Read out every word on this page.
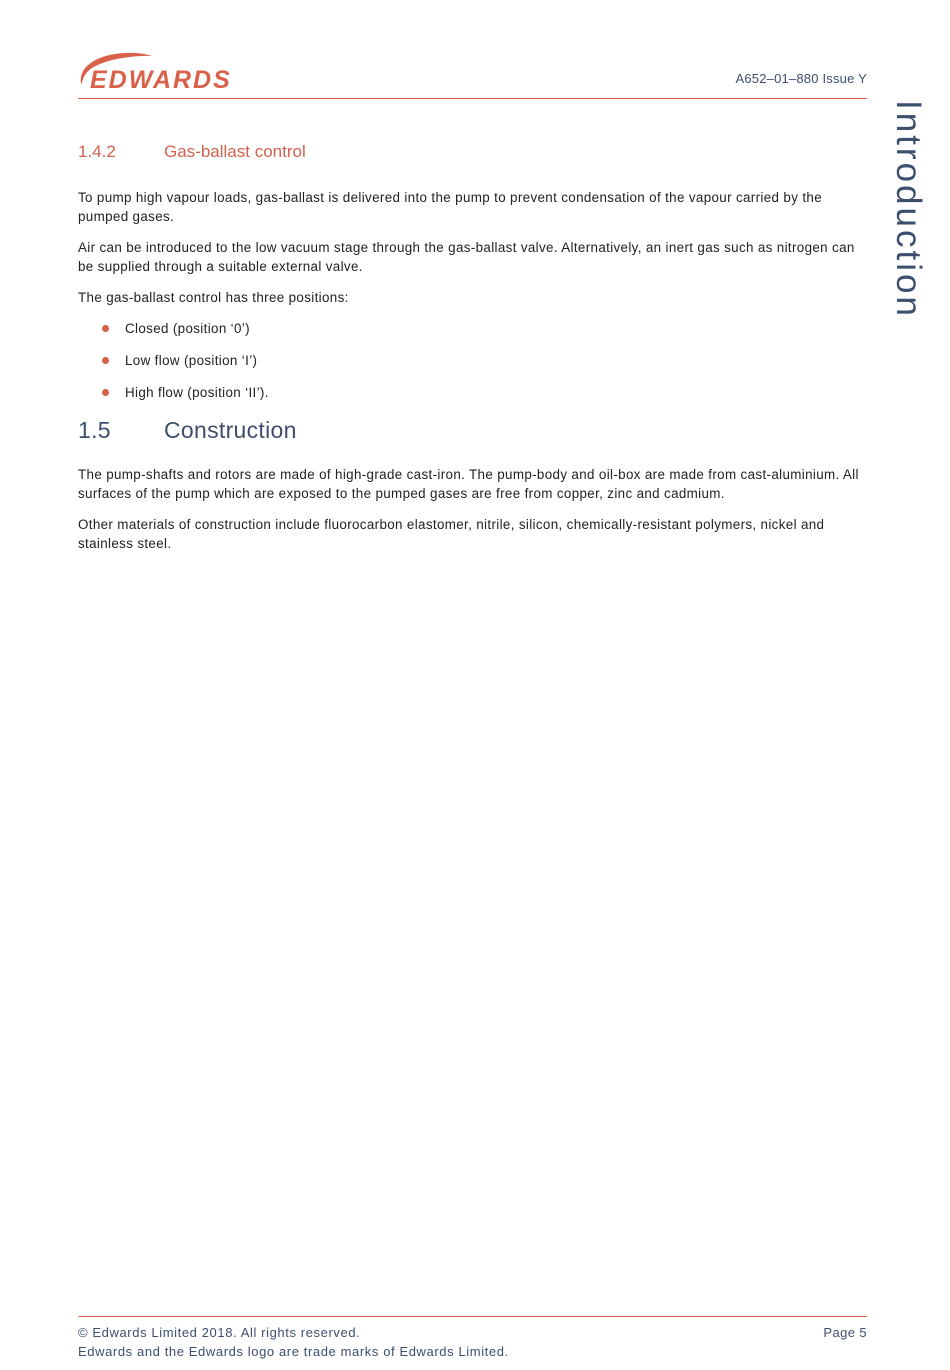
EDWARDS	A652–01–880 Issue Y
Introduction
1.4.2	Gas-ballast control

To pump high vapour loads, gas-ballast is delivered into the pump to prevent condensation of the vapour carried by the pumped gases.

Air can be introduced to the low vacuum stage through the gas-ballast valve. Alternatively, an inert gas such as nitrogen can be supplied through a suitable external valve.

The gas-ballast control has three positions:

Closed (position ‘0’)
Low flow (position ‘I’)
High flow (position ‘II’).
1.5	Construction

The pump-shafts and rotors are made of high-grade cast-iron. The pump-body and oil-box are made from cast-aluminium. All surfaces of the pump which are exposed to the pumped gases are free from copper, zinc and cadmium.

Other materials of construction include fluorocarbon elastomer, nitrile, silicon, chemically-resistant polymers, nickel and stainless steel.

© Edwards Limited 2018. All rights reserved.
Edwards and the Edwards logo are trade marks of Edwards Limited.
Page 5
